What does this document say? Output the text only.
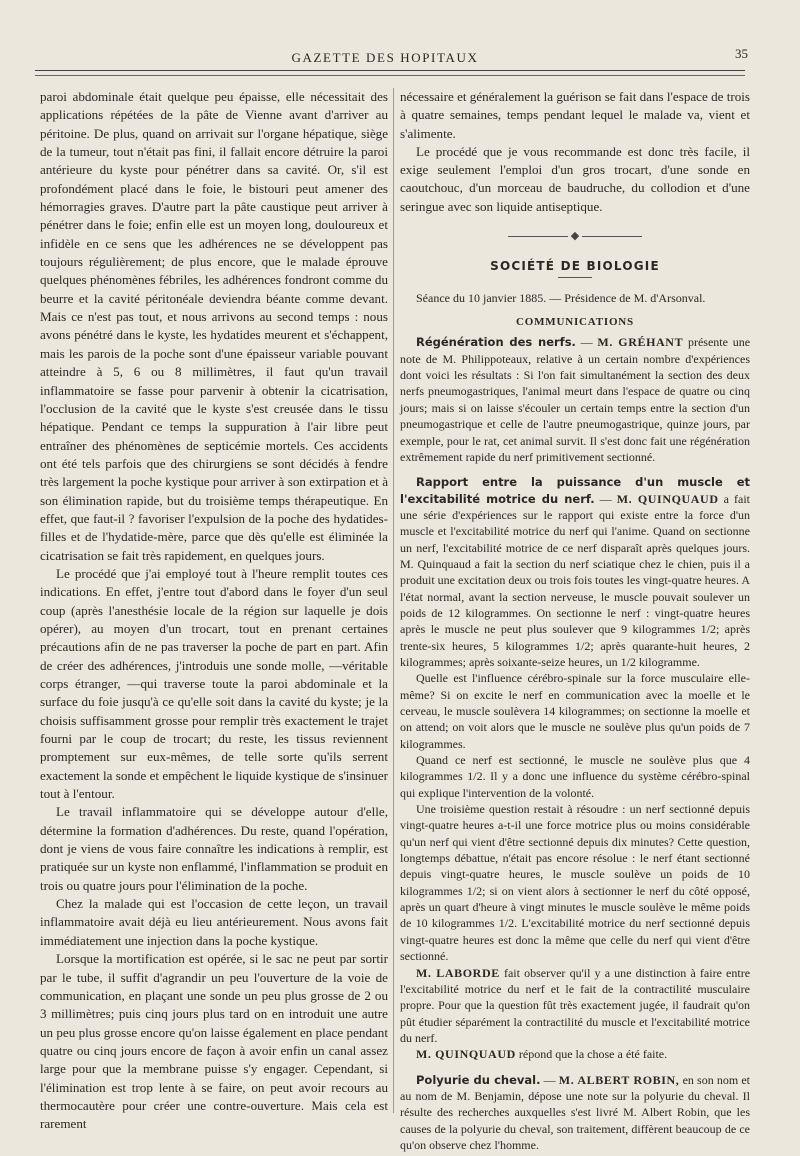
GAZETTE DES HOPITAUX	35

paroi abdominale était quelque peu épaisse, elle nécessitait des applications répétées de la pâte de Vienne avant d'arriver au péritoine. De plus, quand on arrivait sur l'organe hépatique, siège de la tumeur, tout n'était pas fini, il fallait encore détruire la paroi antérieure du kyste pour pénétrer dans sa cavité. Or, s'il est profondément placé dans le foie, le bistouri peut amener des hémorragies graves. D'autre part la pâte caustique peut arriver à pénétrer dans le foie; enfin elle est un moyen long, douloureux et infidèle en ce sens que les adhérences ne se développent pas toujours régulièrement; de plus encore, que le malade éprouve quelques phénomènes fébriles, les adhérences fondront comme du beurre et la cavité péritonéale deviendra béante comme devant. Mais ce n'est pas tout, et nous arrivons au second temps : nous avons pénétré dans le kyste, les hydatides meurent et s'échappent, mais les parois de la poche sont d'une épaisseur variable pouvant atteindre à 5, 6 ou 8 millimètres, il faut qu'un travail inflammatoire se fasse pour parvenir à obtenir la cicatrisation, l'occlusion de la cavité que le kyste s'est creusée dans le tissu hépatique. Pendant ce temps la suppuration à l'air libre peut entraîner des phénomènes de septicémie mortels. Ces accidents ont été tels parfois que des chirurgiens se sont décidés à fendre très largement la poche kystique pour arriver à son extirpation et à son élimination rapide, but du troisième temps thérapeutique. En effet, que faut-il ? favoriser l'expulsion de la poche des hydatides-filles et de l'hydatide-mère, parce que dès qu'elle est éliminée la cicatrisation se fait très rapidement, en quelques jours.

Le procédé que j'ai employé tout à l'heure remplit toutes ces indications. En effet, j'entre tout d'abord dans le foyer d'un seul coup (après l'anesthésie locale de la région sur laquelle je dois opérer), au moyen d'un trocart, tout en prenant certaines précautions afin de ne pas traverser la poche de part en part. Afin de créer des adhérences, j'introduis une sonde molle, —véritable corps étranger, —qui traverse toute la paroi abdominale et la surface du foie jusqu'à ce qu'elle soit dans la cavité du kyste; je la choisis suffisamment grosse pour remplir très exactement le trajet fourni par le coup de trocart; du reste, les tissus reviennent promptement sur eux-mêmes, de telle sorte qu'ils serrent exactement la sonde et empêchent le liquide kystique de s'insinuer tout à l'entour.

Le travail inflammatoire qui se développe autour d'elle, détermine la formation d'adhérences. Du reste, quand l'opération, dont je viens de vous faire connaître les indications à remplir, est pratiquée sur un kyste non enflammé, l'inflammation se produit en trois ou quatre jours pour l'élimination de la poche.

Chez la malade qui est l'occasion de cette leçon, un travail inflammatoire avait déjà eu lieu antérieurement. Nous avons fait immédiatement une injection dans la poche kystique.

Lorsque la mortification est opérée, si le sac ne peut par sortir par le tube, il suffit d'agrandir un peu l'ouverture de la voie de communication, en plaçant une sonde un peu plus grosse de 2 ou 3 millimètres; puis cinq jours plus tard on en introduit une autre un peu plus grosse encore qu'on laisse également en place pendant quatre ou cinq jours encore de façon à avoir enfin un canal assez large pour que la membrane puisse s'y engager. Cependant, si l'élimination est trop lente à se faire, on peut avoir recours au thermocautère pour créer une contre-ouverture. Mais cela est rarement

nécessaire et généralement la guérison se fait dans l'espace de trois à quatre semaines, temps pendant lequel le malade va, vient et s'alimente.

Le procédé que je vous recommande est donc très facile, il exige seulement l'emploi d'un gros trocart, d'une sonde en caoutchouc, d'un morceau de baudruche, du collodion et d'une seringue avec son liquide antiseptique.

◆
SOCIÉTÉ DE BIOLOGIE

Séance du 10 janvier 1885. — Présidence de M. d'Arsonval.

COMMUNICATIONS

Régénération des nerfs. — M. GRÉHANT présente une note de M. Philippoteaux, relative à un certain nombre d'expériences dont voici les résultats : Si l'on fait simultanément la section des deux nerfs pneumogastriques, l'animal meurt dans l'espace de quatre ou cinq jours; mais si on laisse s'écouler un certain temps entre la section d'un pneumogastrique et celle de l'autre pneumogastrique, quinze jours, par exemple, pour le rat, cet animal survit. Il s'est donc fait une régénération extrêmement rapide du nerf primitivement sectionné.

Rapport entre la puissance d'un muscle et l'excitabilité motrice du nerf. — M. QUINQUAUD a fait une série d'expériences sur le rapport qui existe entre la force d'un muscle et l'excitabilité motrice du nerf qui l'anime. Quand on sectionne un nerf, l'excitabilité motrice de ce nerf disparaît après quelques jours. M. Quinquaud a fait la section du nerf sciatique chez le chien, puis il a produit une excitation deux ou trois fois toutes les vingt-quatre heures. A l'état normal, avant la section nerveuse, le muscle pouvait soulever un poids de 12 kilogrammes. On sectionne le nerf : vingt-quatre heures après le muscle ne peut plus soulever que 9 kilogrammes 1/2; après trente-six heures, 5 kilogrammes 1/2; après quarante-huit heures, 2 kilogrammes; après soixante-seize heures, un 1/2 kilogramme.

Quelle est l'influence cérébro-spinale sur la force musculaire elle-même? Si on excite le nerf en communication avec la moelle et le cerveau, le muscle soulèvera 14 kilogrammes; on sectionne la moelle et on attend; on voit alors que le muscle ne soulève plus qu'un poids de 7 kilogrammes.

Quand ce nerf est sectionné, le muscle ne soulève plus que 4 kilogrammes 1/2. Il y a donc une influence du système cérébro-spinal qui explique l'intervention de la volonté.

Une troisième question restait à résoudre : un nerf sectionné depuis vingt-quatre heures a-t-il une force motrice plus ou moins considérable qu'un nerf qui vient d'être sectionné depuis dix minutes? Cette question, longtemps débattue, n'était pas encore résolue : le nerf étant sectionné depuis vingt-quatre heures, le muscle soulève un poids de 10 kilogrammes 1/2; si on vient alors à sectionner le nerf du côté opposé, après un quart d'heure à vingt minutes le muscle soulève le même poids de 10 kilogrammes 1/2. L'excitabilité motrice du nerf sectionné depuis vingt-quatre heures est donc la même que celle du nerf qui vient d'être sectionné.

M. LABORDE fait observer qu'il y a une distinction à faire entre l'excitabilité motrice du nerf et le fait de la contractilité musculaire propre. Pour que la question fût très exactement jugée, il faudrait qu'on pût étudier séparément la contractilité du muscle et l'excitabilité motrice du nerf.

M. QUINQUAUD répond que la chose a été faite.

Polyurie du cheval. — M. ALBERT ROBIN, en son nom et au nom de M. Benjamin, dépose une note sur la polyurie du cheval. Il résulte des recherches auxquelles s'est livré M. Albert Robin, que les causes de la polyurie du cheval, son traitement, diffèrent beaucoup de ce qu'on observe chez l'homme.
